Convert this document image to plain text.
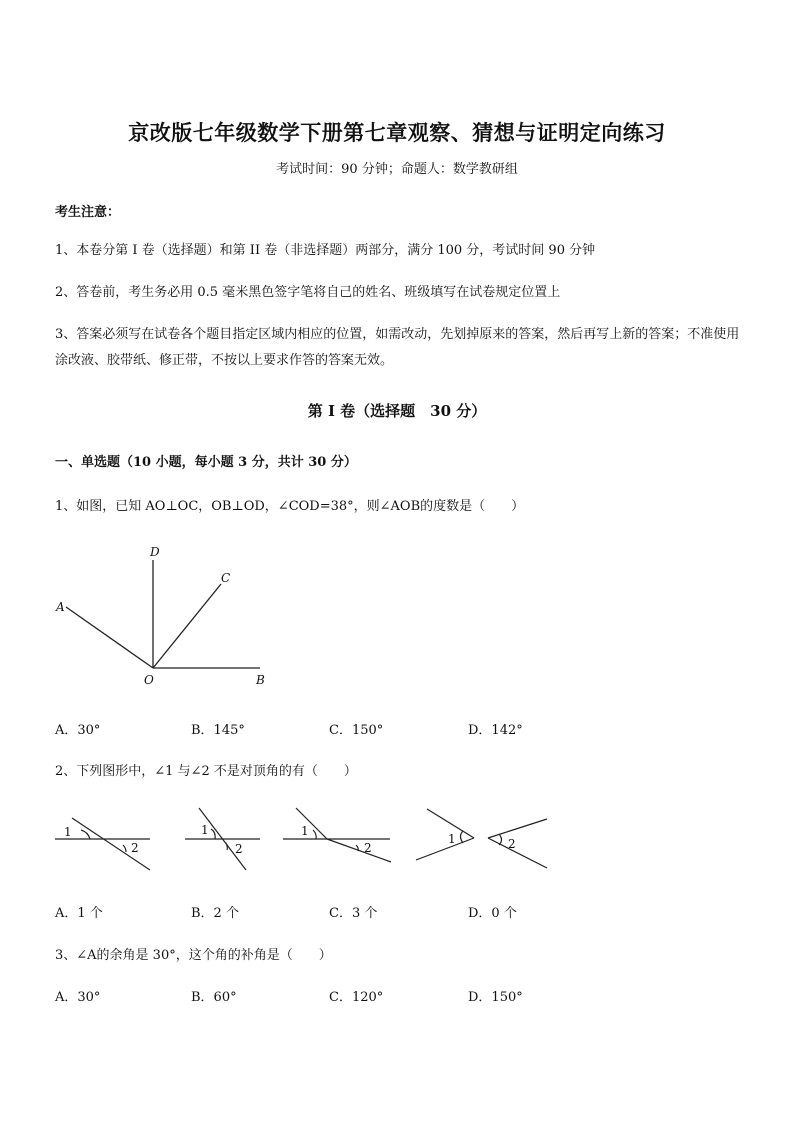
京改版七年级数学下册第七章观察、猜想与证明定向练习
考试时间：90 分钟；命题人：数学教研组
考生注意：
1、本卷分第 I 卷（选择题）和第 II 卷（非选择题）两部分，满分 100 分，考试时间 90 分钟
2、答卷前，考生务必用 0.5 毫米黑色签字笔将自己的姓名、班级填写在试卷规定位置上
3、答案必须写在试卷各个题目指定区域内相应的位置，如需改动，先划掉原来的答案，然后再写上新的答案；不准使用涂改液、胶带纸、修正带，不按以上要求作答的答案无效。
第 I 卷（选择题　30 分）
一、单选题（10 小题，每小题 3 分，共计 30 分）
1、如图，已知 AO⊥OC，OB⊥OD，∠COD=38°，则∠AOB的度数是（　　）
D
C
A
O	B
1
2
1
2
1
2
1	2
A．30°	B．145°	C．150°	D．142°
2、下列图形中，∠1 与∠2 不是对顶角的有（　　）
A．1 个	B．2 个	C．3 个	D．0 个
3、∠A的余角是 30°，这个角的补角是（　　）
A．30°	B．60°	C．120°	D．150°
